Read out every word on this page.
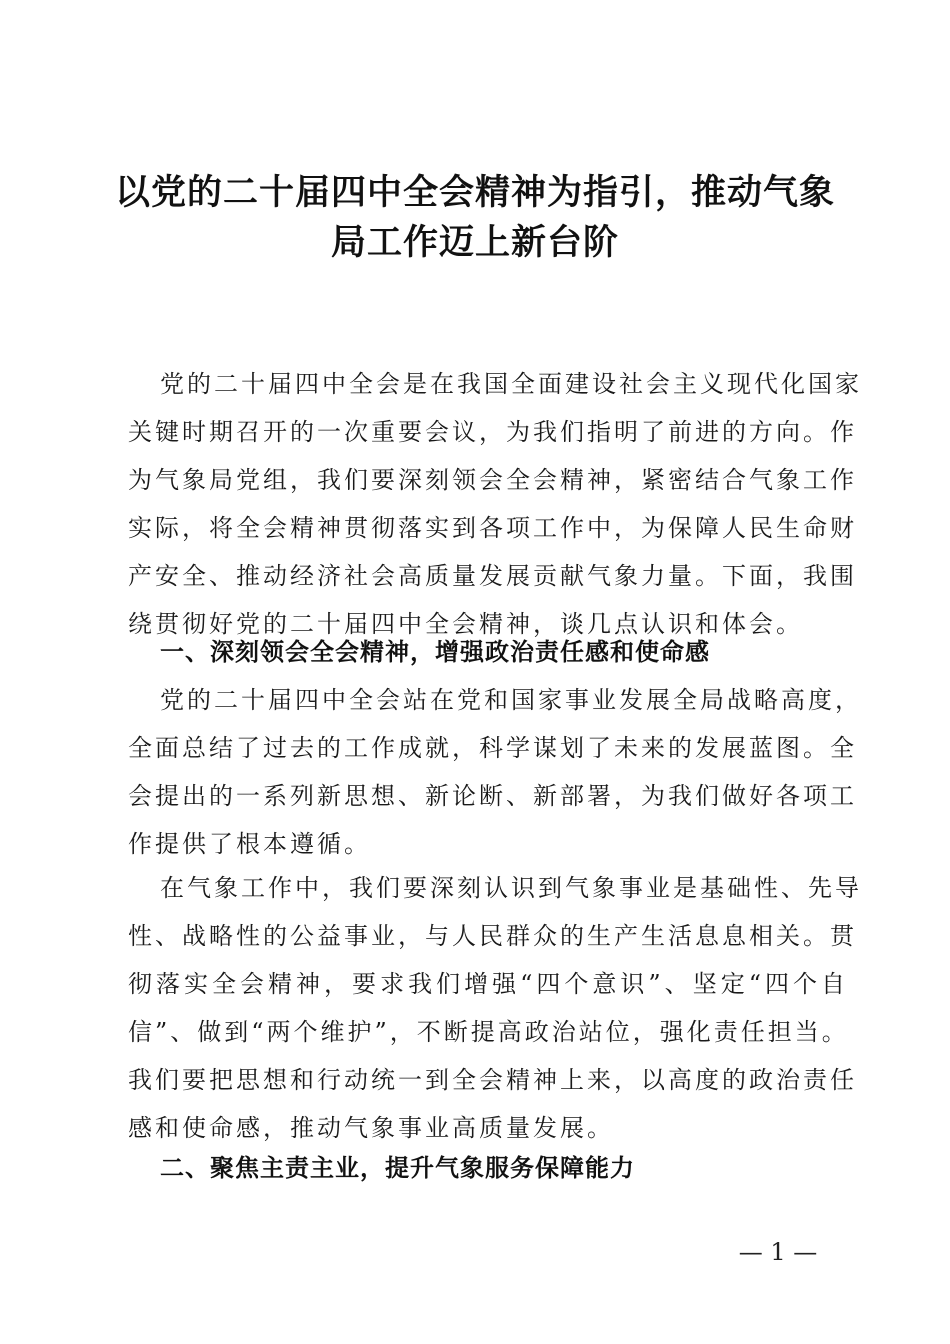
以党的二十届四中全会精神为指引，推动气象
局工作迈上新台阶
党的二十届四中全会是在我国全面建设社会主义现代化国家
关键时期召开的一次重要会议，为我们指明了前进的方向。作
为气象局党组，我们要深刻领会全会精神，紧密结合气象工作
实际，将全会精神贯彻落实到各项工作中，为保障人民生命财
产安全、推动经济社会高质量发展贡献气象力量。下面，我围
绕贯彻好党的二十届四中全会精神，谈几点认识和体会。
一、深刻领会全会精神，增强政治责任感和使命感
党的二十届四中全会站在党和国家事业发展全局战略高度，
全面总结了过去的工作成就，科学谋划了未来的发展蓝图。全
会提出的一系列新思想、新论断、新部署，为我们做好各项工
作提供了根本遵循。
在气象工作中，我们要深刻认识到气象事业是基础性、先导
性、战略性的公益事业，与人民群众的生产生活息息相关。贯
彻落实全会精神，要求我们增强“四个意识”、坚定“四个自
信”、做到“两个维护”，不断提高政治站位，强化责任担当。
我们要把思想和行动统一到全会精神上来，以高度的政治责任
感和使命感，推动气象事业高质量发展。
二、聚焦主责主业，提升气象服务保障能力
— 1 —
